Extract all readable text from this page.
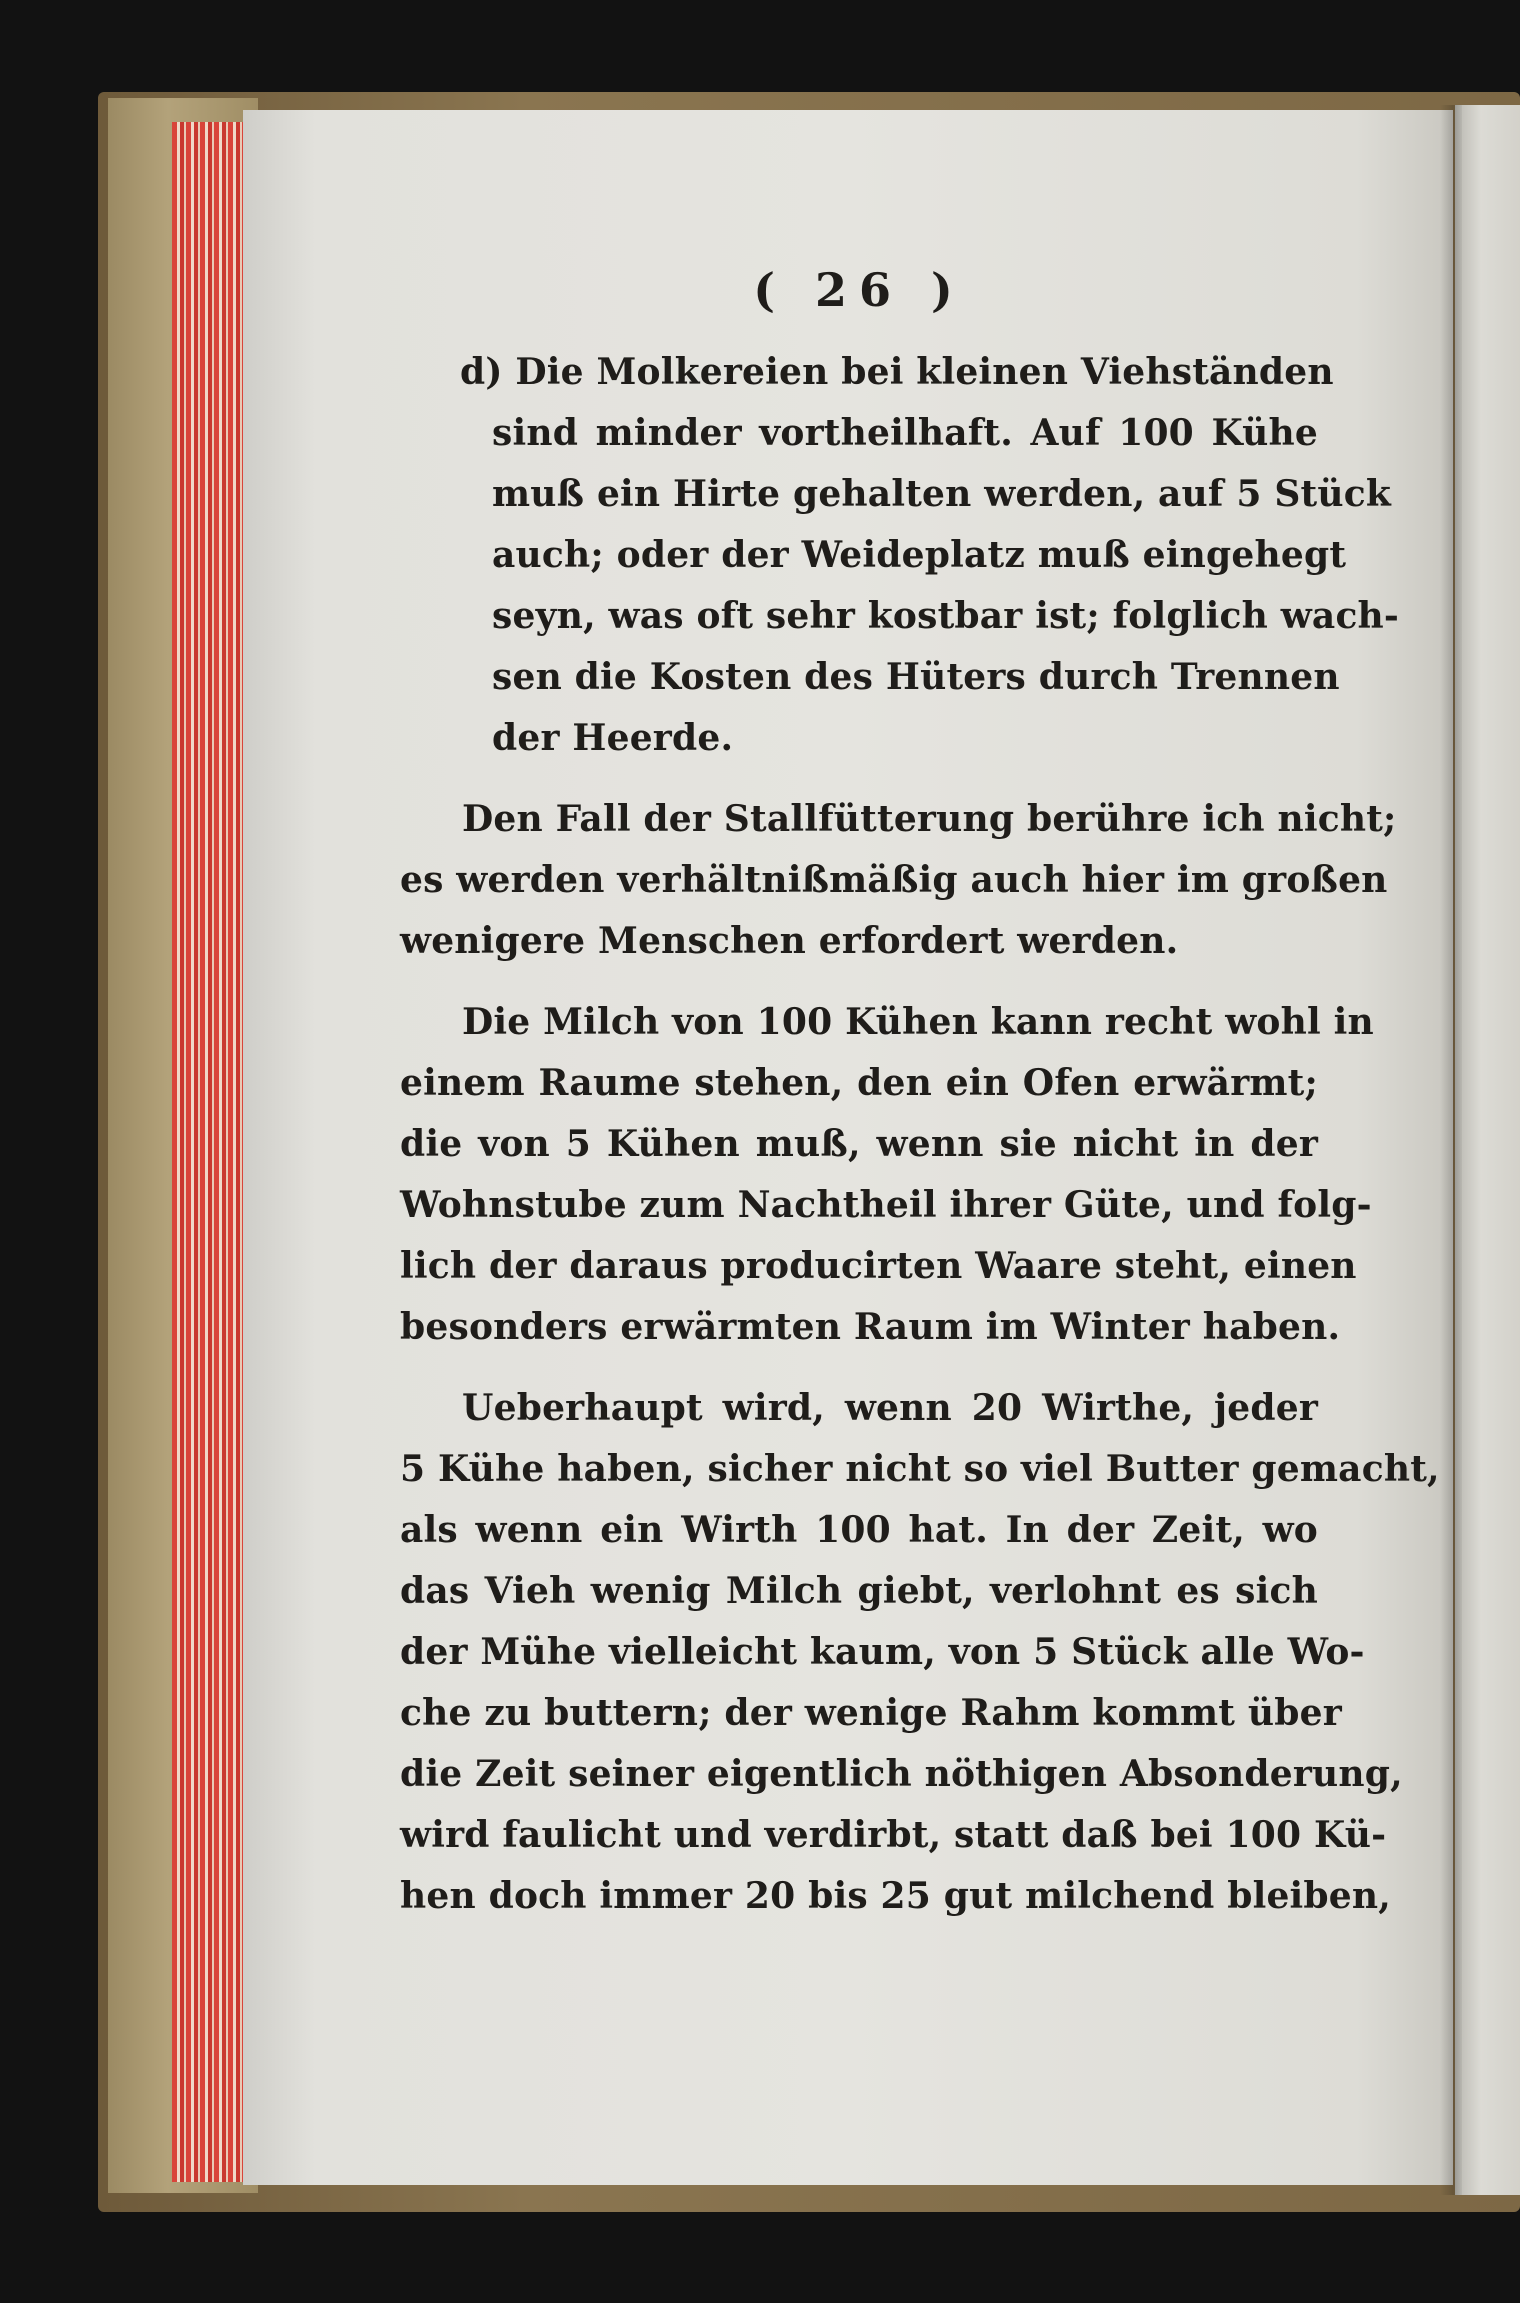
( 26 )
d) Die Molkereien bei kleinen Viehständen
sind minder vortheilhaft. Auf 100 Kühe
muß ein Hirte gehalten werden, auf 5 Stück
auch; oder der Weideplatz muß eingehegt
seyn, was oft sehr kostbar ist; folglich wach-
sen die Kosten des Hüters durch Trennen
der Heerde.
Den Fall der Stallfütterung berühre ich nicht;
es werden verhältnißmäßig auch hier im großen
wenigere Menschen erfordert werden.
Die Milch von 100 Kühen kann recht wohl in
einem Raume stehen, den ein Ofen erwärmt;
die von 5 Kühen muß, wenn sie nicht in der
Wohnstube zum Nachtheil ihrer Güte, und folg-
lich der daraus producirten Waare steht, einen
besonders erwärmten Raum im Winter haben.
Ueberhaupt wird, wenn 20 Wirthe, jeder
5 Kühe haben, sicher nicht so viel Butter gemacht,
als wenn ein Wirth 100 hat. In der Zeit, wo
das Vieh wenig Milch giebt, verlohnt es sich
der Mühe vielleicht kaum, von 5 Stück alle Wo-
che zu buttern; der wenige Rahm kommt über
die Zeit seiner eigentlich nöthigen Absonderung,
wird faulicht und verdirbt, statt daß bei 100 Kü-
hen doch immer 20 bis 25 gut milchend bleiben,
